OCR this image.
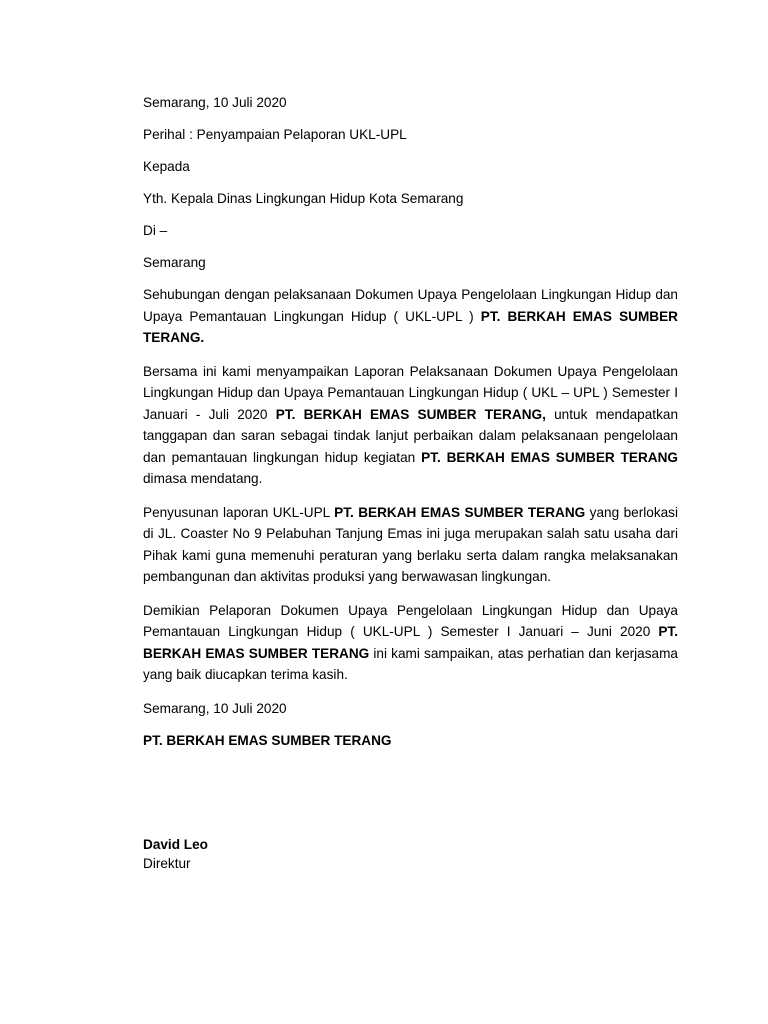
Semarang, 10 Juli 2020

Perihal : Penyampaian Pelaporan UKL-UPL

Kepada

Yth. Kepala Dinas Lingkungan Hidup Kota Semarang

Di –

Semarang

Sehubungan dengan pelaksanaan Dokumen Upaya Pengelolaan Lingkungan Hidup dan Upaya Pemantauan Lingkungan Hidup ( UKL-UPL ) PT. BERKAH EMAS SUMBER TERANG.

Bersama ini kami menyampaikan Laporan Pelaksanaan Dokumen Upaya Pengelolaan Lingkungan Hidup dan Upaya Pemantauan Lingkungan Hidup ( UKL – UPL ) Semester I Januari - Juli 2020 PT. BERKAH EMAS SUMBER TERANG, untuk mendapatkan tanggapan dan saran sebagai tindak lanjut perbaikan dalam pelaksanaan pengelolaan dan pemantauan lingkungan hidup kegiatan PT. BERKAH EMAS SUMBER TERANG dimasa mendatang.

Penyusunan laporan UKL-UPL PT. BERKAH EMAS SUMBER TERANG yang berlokasi di JL. Coaster No 9 Pelabuhan Tanjung Emas ini juga merupakan salah satu usaha dari Pihak kami guna memenuhi peraturan yang berlaku serta dalam rangka melaksanakan pembangunan dan aktivitas produksi yang berwawasan lingkungan.

Demikian Pelaporan Dokumen Upaya Pengelolaan Lingkungan Hidup dan Upaya Pemantauan Lingkungan Hidup ( UKL-UPL ) Semester I Januari – Juni 2020 PT. BERKAH EMAS SUMBER TERANG ini kami sampaikan, atas perhatian dan kerjasama yang baik diucapkan terima kasih.

Semarang, 10 Juli 2020

PT. BERKAH EMAS SUMBER TERANG

David Leo

Direktur
